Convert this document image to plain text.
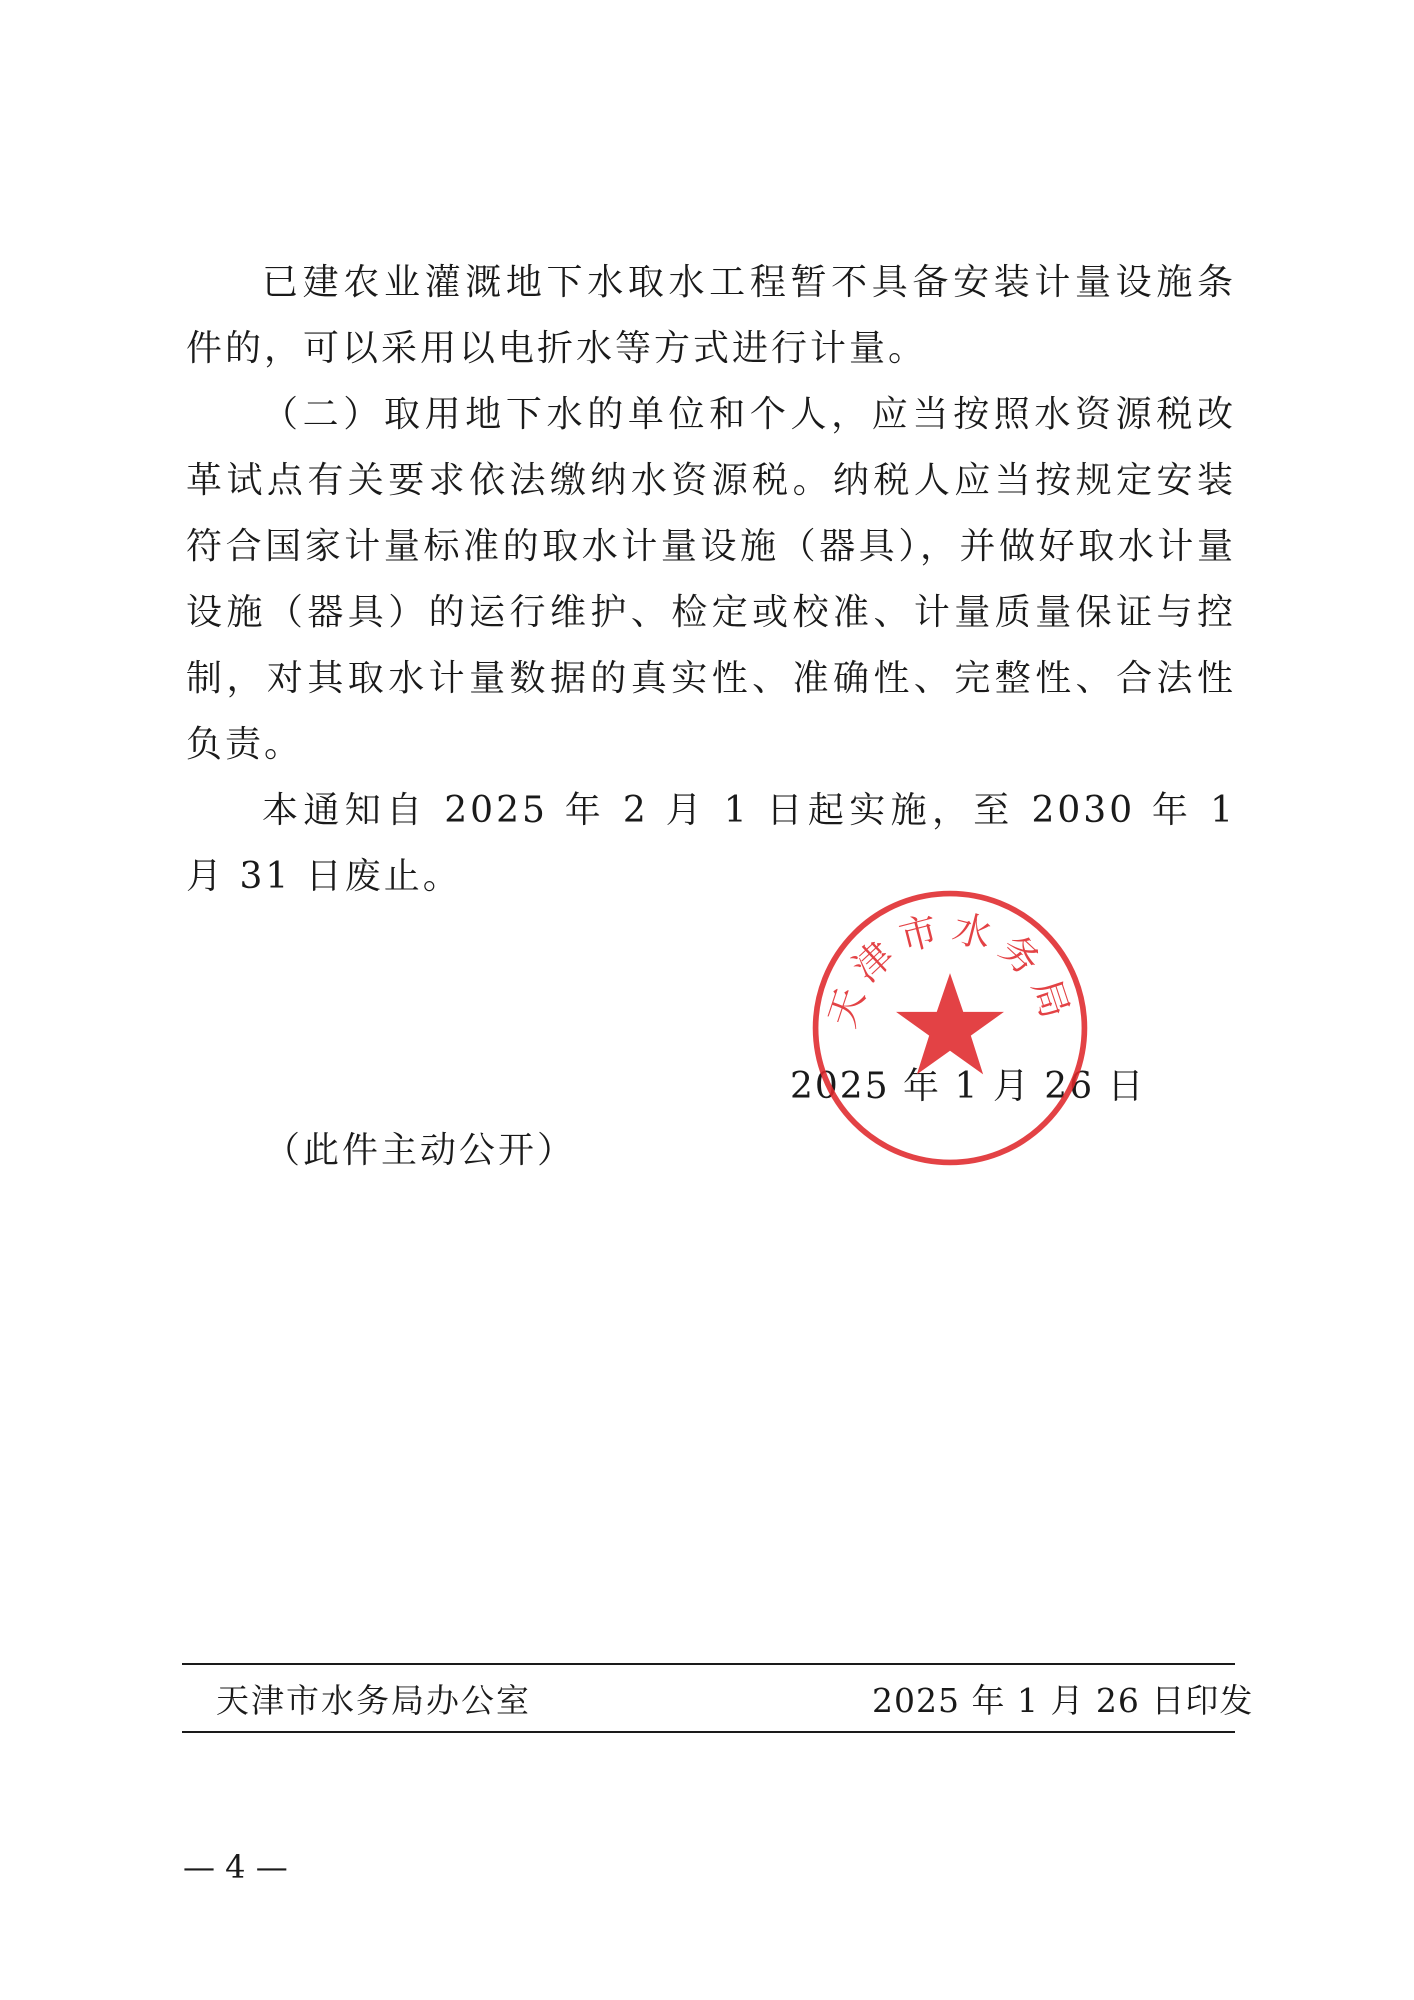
已建农业灌溉地下水取水工程暂不具备安装计量设施条件的，可以采用以电折水等方式进行计量。

（二）取用地下水的单位和个人，应当按照水资源税改革试点有关要求依法缴纳水资源税。纳税人应当按规定安装符合国家计量标准的取水计量设施（器具），并做好取水计量设施（器具）的运行维护、检定或校准、计量质量保证与控制，对其取水计量数据的真实性、准确性、完整性、合法性负责。

本通知自 2025 年 2 月 1 日起实施，至 2030 年 1 月 31 日废止。

2025 年 1 月 26 日
天津市水务局
（此件主动公开）
天津市水务局办公室	2025 年 1 月 26 日印发
— 4 —
